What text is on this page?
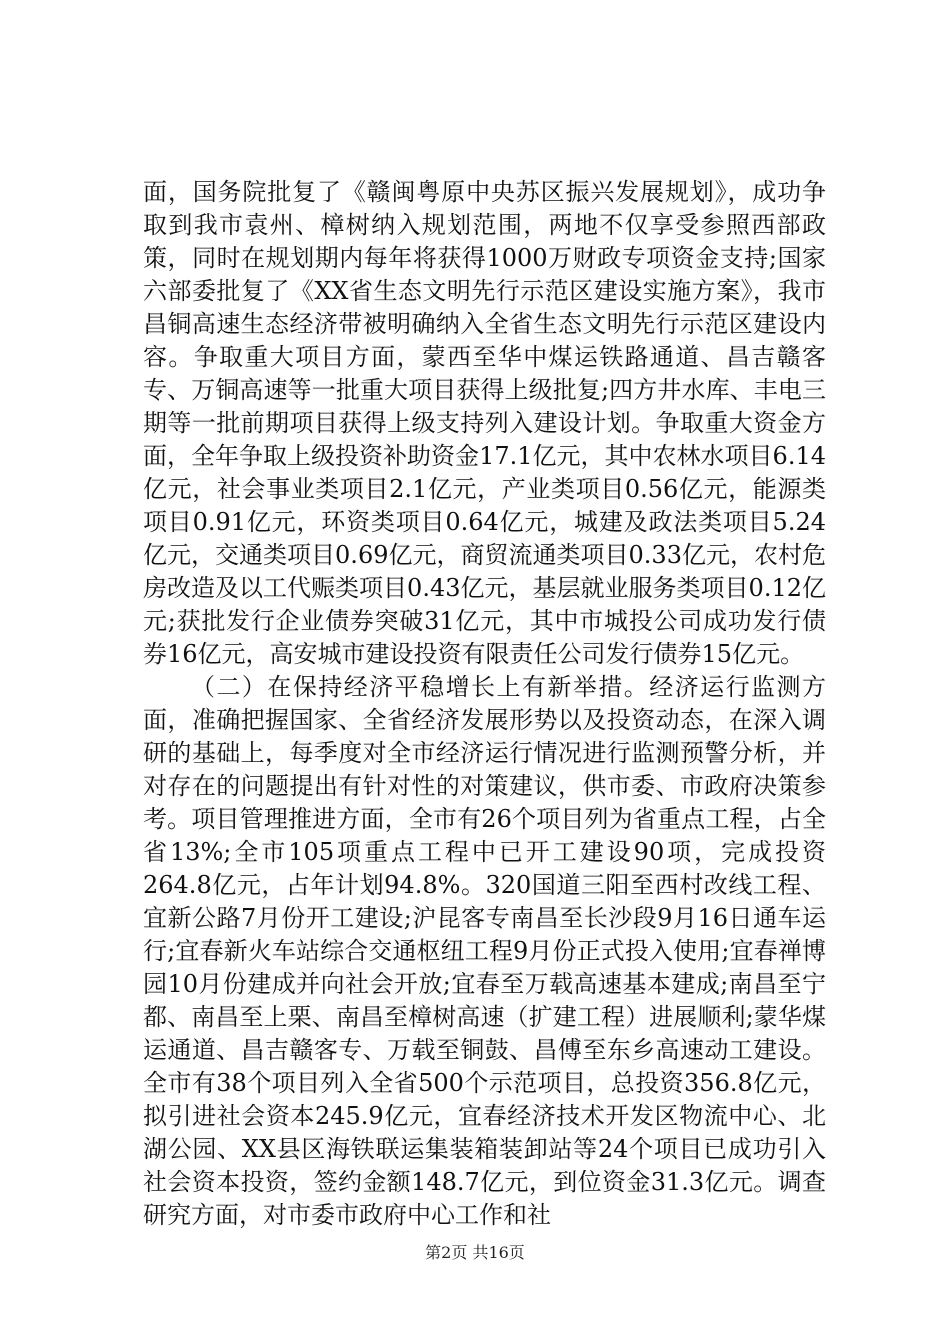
面，国务院批复了《赣闽粤原中央苏区振兴发展规划》，成功争取到我市袁州、樟树纳入规划范围，两地不仅享受参照西部政策，同时在规划期内每年将获得1000万财政专项资金支持;国家六部委批复了《XX省生态文明先行示范区建设实施方案》，我市昌铜高速生态经济带被明确纳入全省生态文明先行示范区建设内容。争取重大项目方面，蒙西至华中煤运铁路通道、昌吉赣客专、万铜高速等一批重大项目获得上级批复;四方井水库、丰电三期等一批前期项目获得上级支持列入建设计划。争取重大资金方面，全年争取上级投资补助资金17.1亿元，其中农林水项目6.14亿元，社会事业类项目2.1亿元，产业类项目0.56亿元，能源类项目0.91亿元，环资类项目0.64亿元，城建及政法类项目5.24亿元，交通类项目0.69亿元，商贸流通类项目0.33亿元，农村危房改造及以工代赈类项目0.43亿元，基层就业服务类项目0.12亿元;获批发行企业债券突破31亿元，其中市城投公司成功发行债券16亿元，高安城市建设投资有限责任公司发行债券15亿元。

（二）在保持经济平稳增长上有新举措。经济运行监测方面，准确把握国家、全省经济发展形势以及投资动态，在深入调研的基础上，每季度对全市经济运行情况进行监测预警分析，并对存在的问题提出有针对性的对策建议，供市委、市政府决策参考。项目管理推进方面，全市有26个项目列为省重点工程，占全省13%;全市105项重点工程中已开工建设90项，完成投资264.8亿元，占年计划94.8%。320国道三阳至西村改线工程、宜新公路7月份开工建设;沪昆客专南昌至长沙段9月16日通车运行;宜春新火车站综合交通枢纽工程9月份正式投入使用;宜春禅博园10月份建成并向社会开放;宜春至万载高速基本建成;南昌至宁都、南昌至上栗、南昌至樟树高速（扩建工程）进展顺利;蒙华煤运通道、昌吉赣客专、万载至铜鼓、昌傅至东乡高速动工建设。全市有38个项目列入全省500个示范项目，总投资356.8亿元，拟引进社会资本245.9亿元，宜春经济技术开发区物流中心、北湖公园、XX县区海铁联运集装箱装卸站等24个项目已成功引入社会资本投资，签约金额148.7亿元，到位资金31.3亿元。调查研究方面，对市委市政府中心工作和社

第2页 共16页
